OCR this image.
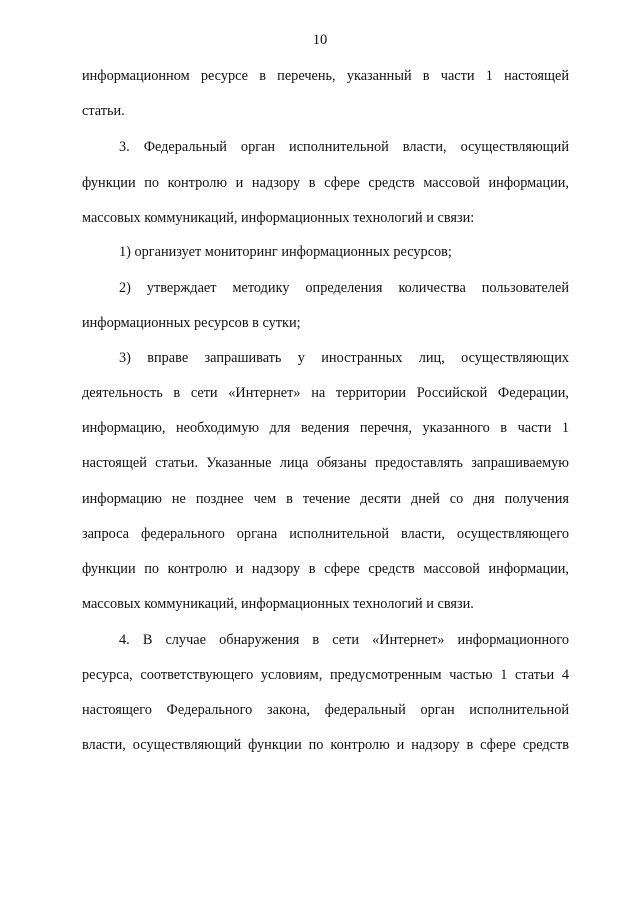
10
информационном ресурсе в перечень, указанный в части 1 настоящей
статьи.
3. Федеральный орган исполнительной власти, осуществляющий
функции по контролю и надзору в сфере средств массовой информации,
массовых коммуникаций, информационных технологий и связи:
1) организует мониторинг информационных ресурсов;
2) утверждает методику определения количества пользователей
информационных ресурсов в сутки;
3) вправе запрашивать у иностранных лиц, осуществляющих
деятельность в сети «Интернет» на территории Российской Федерации,
информацию, необходимую для ведения перечня, указанного в части 1
настоящей статьи. Указанные лица обязаны предоставлять запрашиваемую
информацию не позднее чем в течение десяти дней со дня получения
запроса федерального органа исполнительной власти, осуществляющего
функции по контролю и надзору в сфере средств массовой информации,
массовых коммуникаций, информационных технологий и связи.
4. В случае обнаружения в сети «Интернет» информационного
ресурса, соответствующего условиям, предусмотренным частью 1 статьи 4
настоящего Федерального закона, федеральный орган исполнительной
власти, осуществляющий функции по контролю и надзору в сфере средств
